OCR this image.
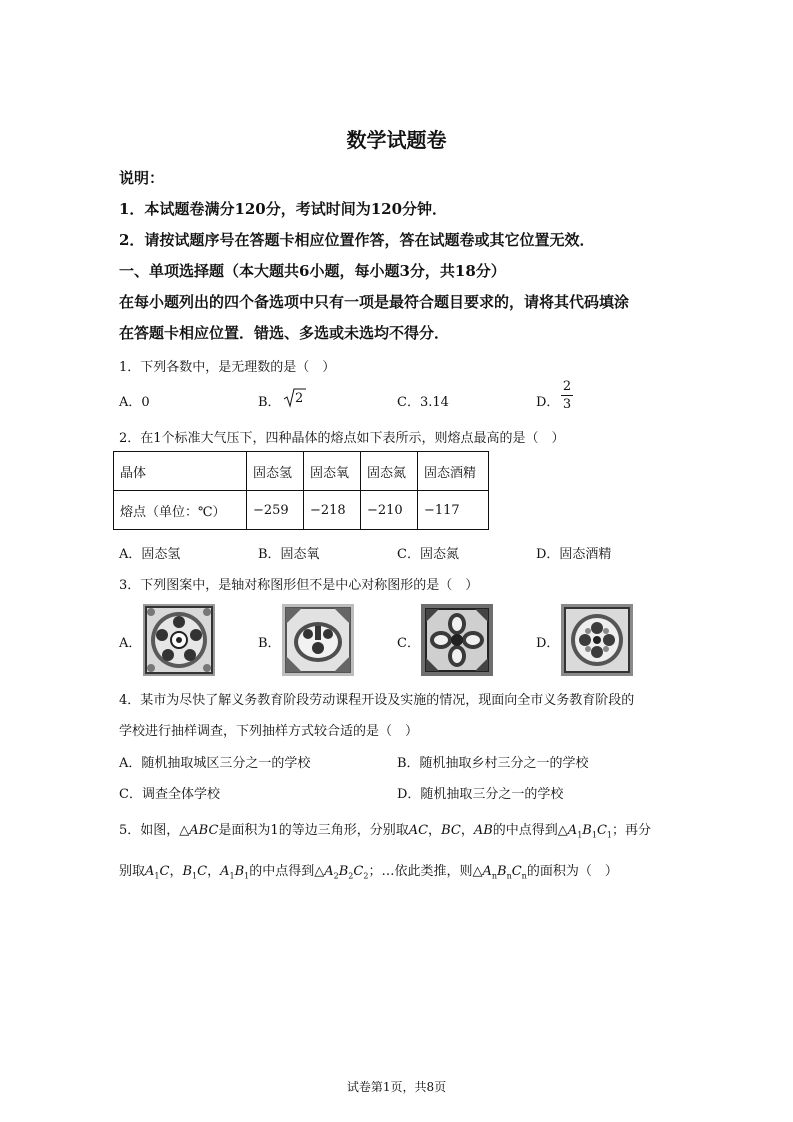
数学试题卷
说明：
1．本试题卷满分120分，考试时间为120分钟．
2．请按试题序号在答题卡相应位置作答，答在试题卷或其它位置无效．
一、单项选择题（本大题共6小题，每小题3分，共18分）
在每小题列出的四个备选项中只有一项是最符合题目要求的，请将其代码填涂
在答题卡相应位置．错选、多选或未选均不得分．
1．下列各数中，是无理数的是（　）
A．0	B． 2	C．3.14	D．
2
3
2．在1个标准大气压下，四种晶体的熔点如下表所示，则熔点最高的是（　）
晶体	固态氢	固态氧	固态氮	固态酒精
熔点（单位：℃）	−259	−218	−210	−117
A．固态氢	B．固态氧	C．固态氮	D．固态酒精
3．下列图案中，是轴对称图形但不是中心对称图形的是（　）
A．	B．	C．	D．
4．某市为尽快了解义务教育阶段劳动课程开设及实施的情况，现面向全市义务教育阶段的
学校进行抽样调查，下列抽样方式较合适的是（　）
A．随机抽取城区三分之一的学校	B．随机抽取乡村三分之一的学校
C．调查全体学校	D．随机抽取三分之一的学校
5．如图，△ABC是面积为1的等边三角形，分别取AC，BC，AB的中点得到$\triangle A_1B_1C_1$；再分
别取$A_1C$，$B_1C$，$A_1B_1$的中点得到$\triangle A_2B_2C_2$；…依此类推，则$\triangle A_nB_nC_n$的面积为（　）
试卷第1页，共8页
